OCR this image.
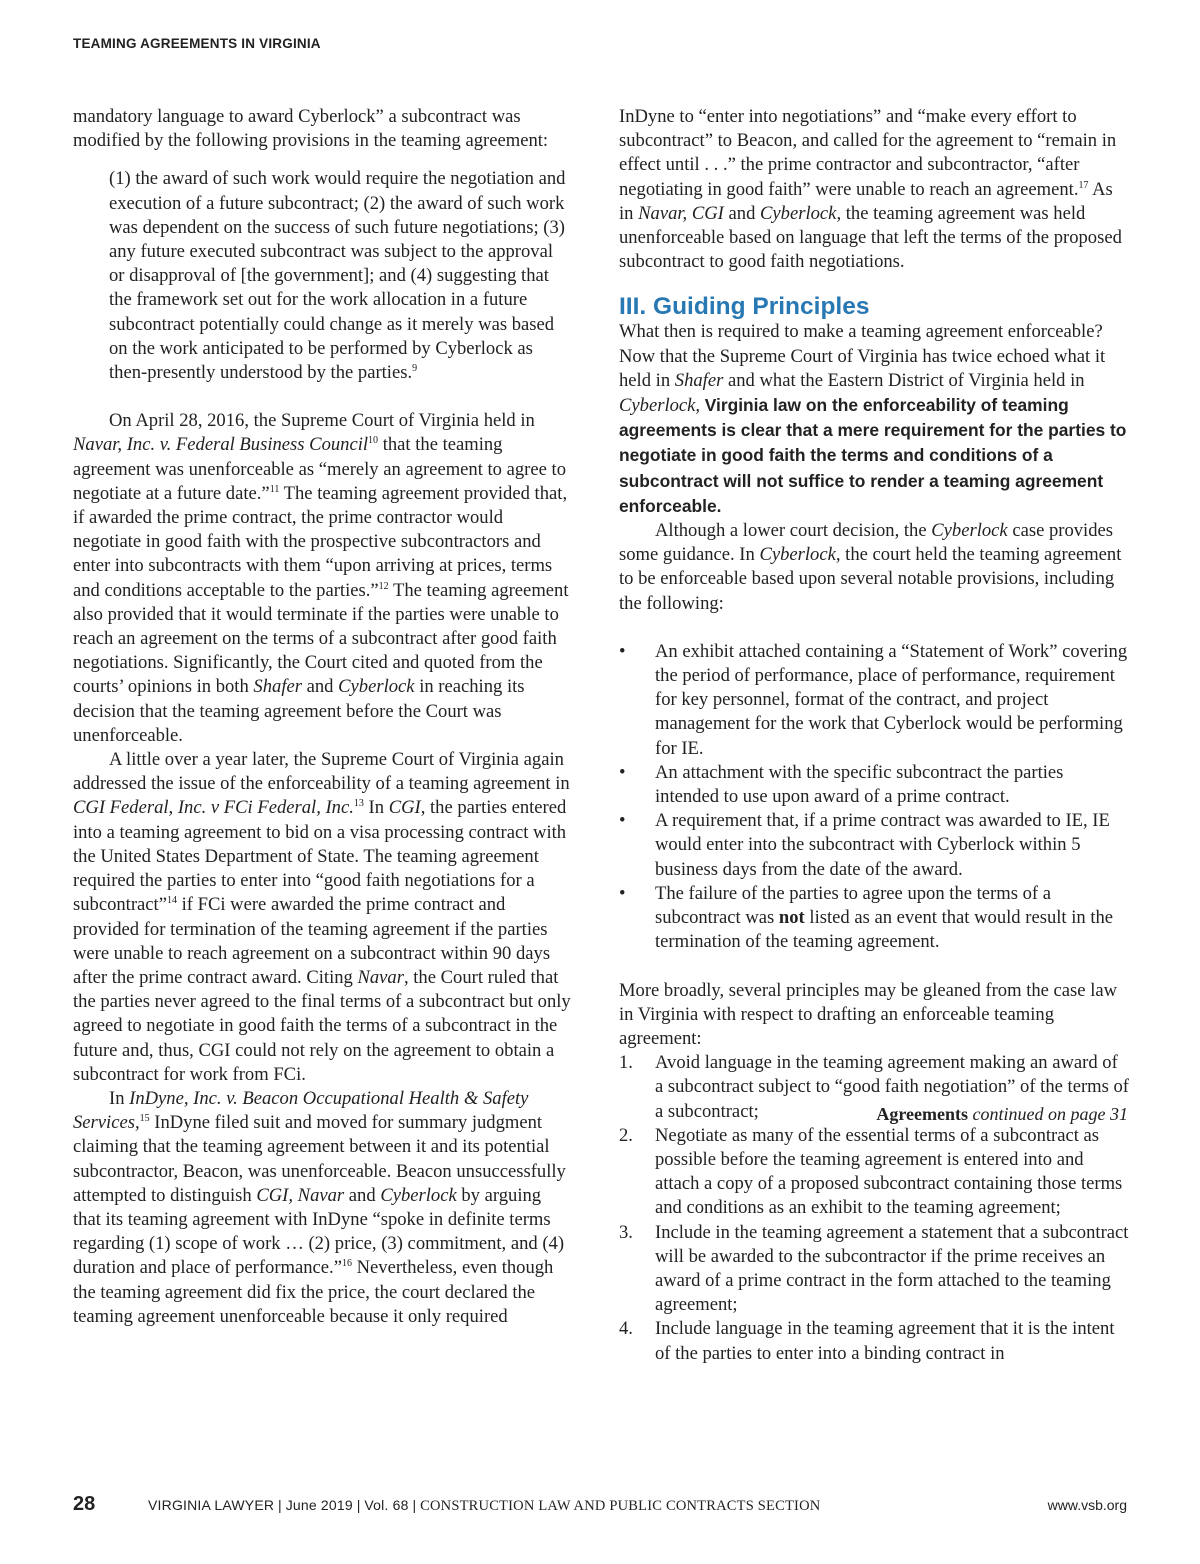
TEAMING AGREEMENTS IN VIRGINIA

mandatory language to award Cyberlock” a subcontract was modified by the following provisions in the teaming agreement:

(1) the award of such work would require the negotiation and execution of a future subcontract; (2) the award of such work was dependent on the success of such future negotiations; (3) any future executed subcontract was subject to the approval or disapproval of [the government]; and (4) suggesting that the framework set out for the work allocation in a future subcontract potentially could change as it merely was based on the work anticipated to be performed by Cyberlock as then-presently understood by the parties.$^9$

On April 28, 2016, the Supreme Court of Virginia held in Navar, Inc. v. Federal Business Council$^{10}$ that the teaming agreement was unenforceable as “merely an agreement to agree to negotiate at a future date.”$^{11}$ The teaming agreement provided that, if awarded the prime contract, the prime contractor would negotiate in good faith with the prospective subcontractors and enter into subcontracts with them “upon arriving at prices, terms and conditions acceptable to the parties.”$^{12}$ The teaming agreement also provided that it would terminate if the parties were unable to reach an agreement on the terms of a subcontract after good faith negotiations. Significantly, the Court cited and quoted from the courts’ opinions in both Shafer and Cyberlock in reaching its decision that the teaming agreement before the Court was unenforceable.

A little over a year later, the Supreme Court of Virginia again addressed the issue of the enforceability of a teaming agreement in CGI Federal, Inc. v FCi Federal, Inc.$^{13}$ In CGI, the parties entered into a teaming agreement to bid on a visa processing contract with the United States Department of State. The teaming agreement required the parties to enter into “good faith negotiations for a subcontract”$^{14}$ if FCi were awarded the prime contract and provided for termination of the teaming agreement if the parties were unable to reach agreement on a subcontract within 90 days after the prime contract award. Citing Navar, the Court ruled that the parties never agreed to the final terms of a subcontract but only agreed to negotiate in good faith the terms of a subcontract in the future and, thus, CGI could not rely on the agreement to obtain a subcontract for work from FCi.

In InDyne, Inc. v. Beacon Occupational Health & Safety Services,$^{15}$ InDyne filed suit and moved for summary judgment claiming that the teaming agreement between it and its potential subcontractor, Beacon, was unenforceable. Beacon unsuccessfully attempted to distinguish CGI, Navar and Cyberlock by arguing that its teaming agreement with InDyne “spoke in definite terms regarding (1) scope of work … (2) price, (3) commitment, and (4) duration and place of performance.”$^{16}$ Nevertheless, even though the teaming agreement did fix the price, the court declared the teaming agreement unenforceable because it only required

InDyne to “enter into negotiations” and “make every effort to subcontract” to Beacon, and called for the agreement to “remain in effect until . . .” the prime contractor and subcontractor, “after negotiating in good faith” were unable to reach an agreement.$^{17}$ As in Navar, CGI and Cyberlock, the teaming agreement was held unenforceable based on language that left the terms of the proposed subcontract to good faith negotiations.

III. Guiding Principles

What then is required to make a teaming agreement enforceable? Now that the Supreme Court of Virginia has twice echoed what it held in Shafer and what the Eastern District of Virginia held in Cyberlock, Virginia law on the enforceability of teaming agreements is clear that a mere requirement for the parties to negotiate in good faith the terms and conditions of a subcontract will not suffice to render a teaming agreement enforceable.

Although a lower court decision, the Cyberlock case provides some guidance. In Cyberlock, the court held the teaming agreement to be enforceable based upon several notable provisions, including the following:

• An exhibit attached containing a “Statement of Work” covering the period of performance, place of performance, requirement for key personnel, format of the contract, and project management for the work that Cyberlock would be performing for IE.
• An attachment with the specific subcontract the parties intended to use upon award of a prime contract.
• A requirement that, if a prime contract was awarded to IE, IE would enter into the subcontract with Cyberlock within 5 business days from the date of the award.
• The failure of the parties to agree upon the terms of a subcontract was not listed as an event that would result in the termination of the teaming agreement.

More broadly, several principles may be gleaned from the case law in Virginia with respect to drafting an enforceable teaming agreement:

1. Avoid language in the teaming agreement making an award of a subcontract subject to “good faith negotiation” of the terms of a subcontract;
2. Negotiate as many of the essential terms of a subcontract as possible before the teaming agreement is entered into and attach a copy of a proposed subcontract containing those terms and conditions as an exhibit to the teaming agreement;
3. Include in the teaming agreement a statement that a subcontract will be awarded to the subcontractor if the prime receives an award of a prime contract in the form attached to the teaming agreement;
4. Include language in the teaming agreement that it is the intent of the parties to enter into a binding contract in
Agreements continued on page 31
28	VIRGINIA LAWYER | June 2019 | Vol. 68 | CONSTRUCTION LAW AND PUBLIC CONTRACTS SECTION	www.vsb.org
